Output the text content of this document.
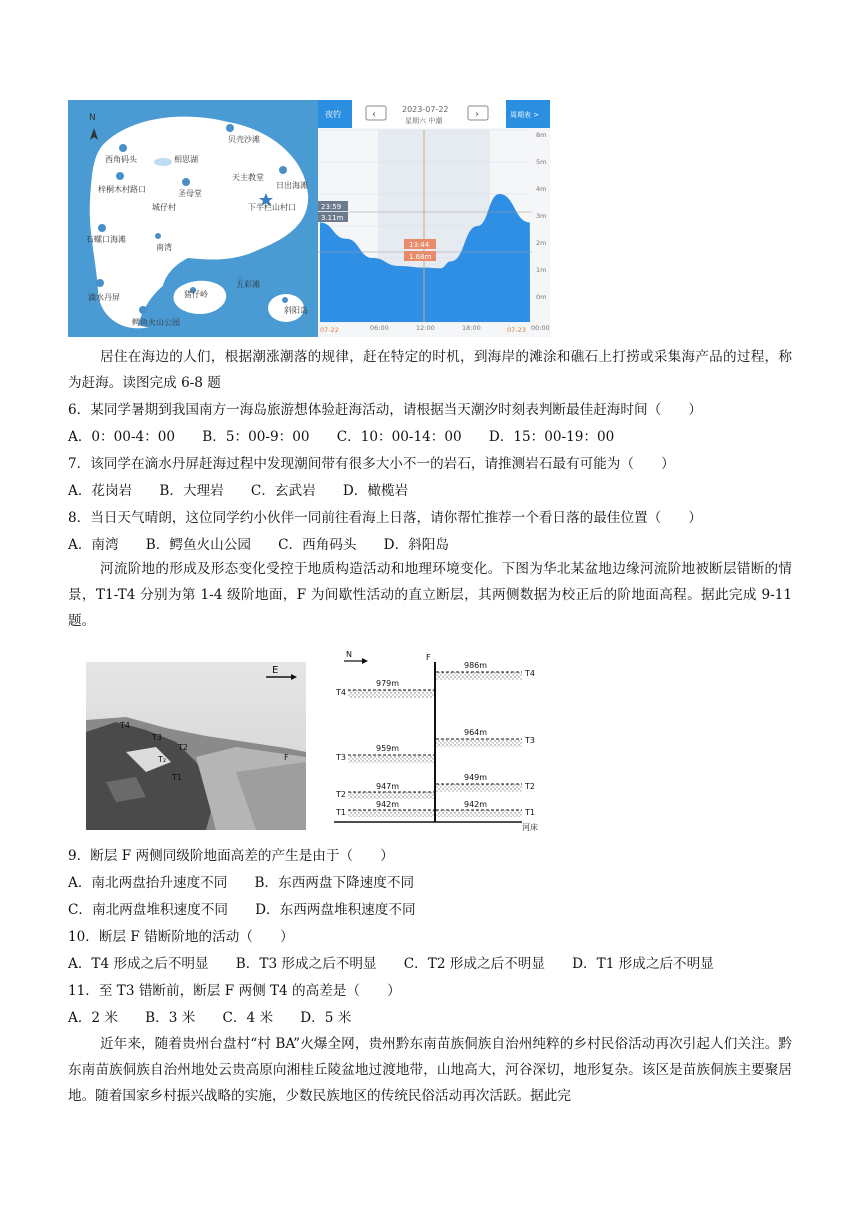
N
西角码头	相思湖
贝壳沙滩
梓桐木村路口	圣母堂
天主教堂
日出海滩
城仔村	下牛栏山村口
石螺口海滩
南湾
滴水丹屏	猪仔岭
五彩滩
斜阳岛
鳄鱼火山公园
夜钓	‹	2023-07-22
星期六 中潮
›	周期表 >
23:59
3.11m
13:44
1.68m
8m
5m
4m
3m
2m
1m
0m
07-22	06:00	12:00	18:00	07-23 00:00
居住在海边的人们，根据潮涨潮落的规律，赶在特定的时机，到海岸的滩涂和礁石上打捞或采集海产品的过程，称为赶海。读图完成 6-8 题
6．某同学暑期到我国南方一海岛旅游想体验赶海活动，请根据当天潮汐时刻表判断最佳赶海时间（　　）
A．0：00-4：00　　B．5：00-9：00　　C．10：00-14：00　　D．15：00-19：00
7．该同学在滴水丹屏赶海过程中发现潮间带有很多大小不一的岩石，请推测岩石最有可能为（　　）
A．花岗岩　　B．大理岩　　C．玄武岩　　D．橄榄岩
8．当日天气晴朗，这位同学约小伙伴一同前往看海上日落，请你帮忙推荐一个看日落的最佳位置（　　）
A．南湾　　B．鳄鱼火山公园　　C．西角码头　　D．斜阳岛
河流阶地的形成及形态变化受控于地质构造活动和地理环境变化。下图为华北某盆地边缘河流阶地被断层错断的情景，T1-T4 分别为第 1-4 级阶地面，F 为间歇性活动的直立断层，其两侧数据为校正后的阶地面高程。据此完成 9-11 题。
E
T4
T3
T2
T1
F
T₂
N	F
河床
979m
T4
959m
T3
947m
T2
942m
T1
986m
T4
964m
T3
949m
T2
942m
T1
9．断层 F 两侧同级阶地面高差的产生是由于（　　）
A．南北两盘抬升速度不同　　B．东西两盘下降速度不同
C．南北两盘堆积速度不同　　D．东西两盘堆积速度不同
10．断层 F 错断阶地的活动（　　）
A．T4 形成之后不明显　　B．T3 形成之后不明显　　C．T2 形成之后不明显　　D．T1 形成之后不明显
11．至 T3 错断前，断层 F 两侧 T4 的高差是（　　）
A．2 米　　B．3 米　　C．4 米　　D．5 米
近年来，随着贵州台盘村“村 BA”火爆全网，贵州黔东南苗族侗族自治州纯粹的乡村民俗活动再次引起人们关注。黔东南苗族侗族自治州地处云贵高原向湘桂丘陵盆地过渡地带，山地高大，河谷深切，地形复杂。该区是苗族侗族主要聚居地。随着国家乡村振兴战略的实施，少数民族地区的传统民俗活动再次活跃。据此完
